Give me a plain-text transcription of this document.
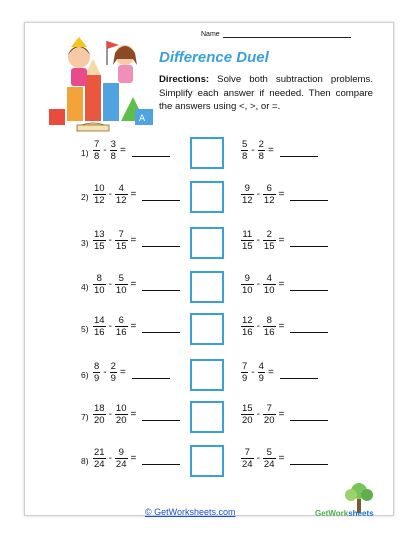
Name
A
Difference Duel
Directions: Solve both subtraction problems. Simplify each answer if needed. Then compare the answers using <, >, or =.
$1) \frac{7}{8} - \frac{3}{8}$ =	$\frac{5}{8} - \frac{2}{8}$ =
$2) \frac{10}{12} - \frac{4}{12}$ =	$\frac{9}{12} - \frac{6}{12}$ =
$3) \frac{13}{15} - \frac{7}{15}$ =	$\frac{11}{15} - \frac{2}{15}$ =
$4) \frac{8}{10} - \frac{5}{10}$ =	$\frac{9}{10} - \frac{4}{10}$ =
$5) \frac{14}{16} - \frac{6}{16}$ =	$\frac{12}{16} - \frac{8}{16}$ =
$6) \frac{8}{9} - \frac{2}{9}$ =	$\frac{7}{9} - \frac{4}{9}$ =
$7) \frac{18}{20} - \frac{10}{20}$ =	$\frac{15}{20} - \frac{7}{20}$ =
$8) \frac{21}{24} - \frac{9}{24}$ =	$\frac{7}{24} - \frac{5}{24}$ =
© GetWorksheets.com	GetWorksheets
